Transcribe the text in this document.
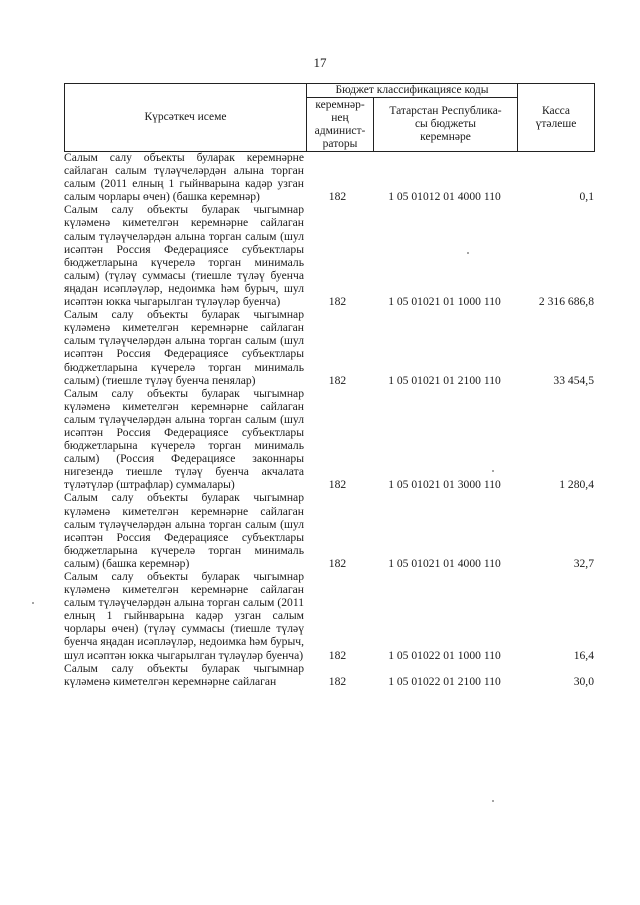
17
Күрсәткеч исеме
Бюджет классификациясе коды
керемнәр-
нең
админист-
раторы
Татарстан Республика-
сы бюджеты
керемнәре
Касса
үтәлеше
Салым салу объекты буларак керемнәрне сайлаган салым түләүчеләрдән алына торган салым (2011 елның 1 гыйнварына кадәр узган салым чорлары өчен) (башка керемнәр)	182	1 05 01012 01 4000 110	0,1
Салым салу объекты буларак чыгымнар күләменә киметелгән керемнәрне сайлаган салым түләүчеләрдән алына торган салым (шул исәптән Россия Федерациясе субъектлары бюджетларына күчерелә торган минималь салым) (түләү суммасы (тиешле түләү буенча яңадан исәпләүләр, недоимка һәм бурыч, шул исәптән юкка чыгарылган түләүләр буенча)	182	1 05 01021 01 1000 110	2 316 686,8
Салым салу объекты буларак чыгымнар күләменә киметелгән керемнәрне сайлаган салым түләүчеләрдән алына торган салым (шул исәптән Россия Федерациясе субъектлары бюджетларына күчерелә торган минималь салым) (тиешле түләү буенча пенялар)	182	1 05 01021 01 2100 110	33 454,5
Салым салу объекты буларак чыгымнар күләменә киметелгән керемнәрне сайлаган салым түләүчеләрдән алына торган салым (шул исәптән Россия Федерациясе субъектлары бюджетларына күчерелә торган минималь салым) (Россия Федерациясе законнары нигезендә тиешле түләү буенча акчалата түләтүләр (штрафлар) суммалары)	182	1 05 01021 01 3000 110	1 280,4
Салым салу объекты буларак чыгымнар күләменә киметелгән керемнәрне сайлаган салым түләүчеләрдән алына торган салым (шул исәптән Россия Федерациясе субъектлары бюджетларына күчерелә торган минималь салым) (башка керемнәр)	182	1 05 01021 01 4000 110	32,7
Салым салу объекты буларак чыгымнар күләменә киметелгән керемнәрне сайлаган салым түләүчеләрдән алына торган салым (2011 елның 1 гыйнварына кадәр узган салым чорлары өчен) (түләү суммасы (тиешле түләү буенча яңадан исәпләүләр, недоимка һәм бурыч, шул исәптән юкка чыгарылган түләүләр буенча)	182	1 05 01022 01 1000 110	16,4
Салым салу объекты буларак чыгымнар күләменә киметелгән керемнәрне сайлаган	182	1 05 01022 01 2100 110	30,0
